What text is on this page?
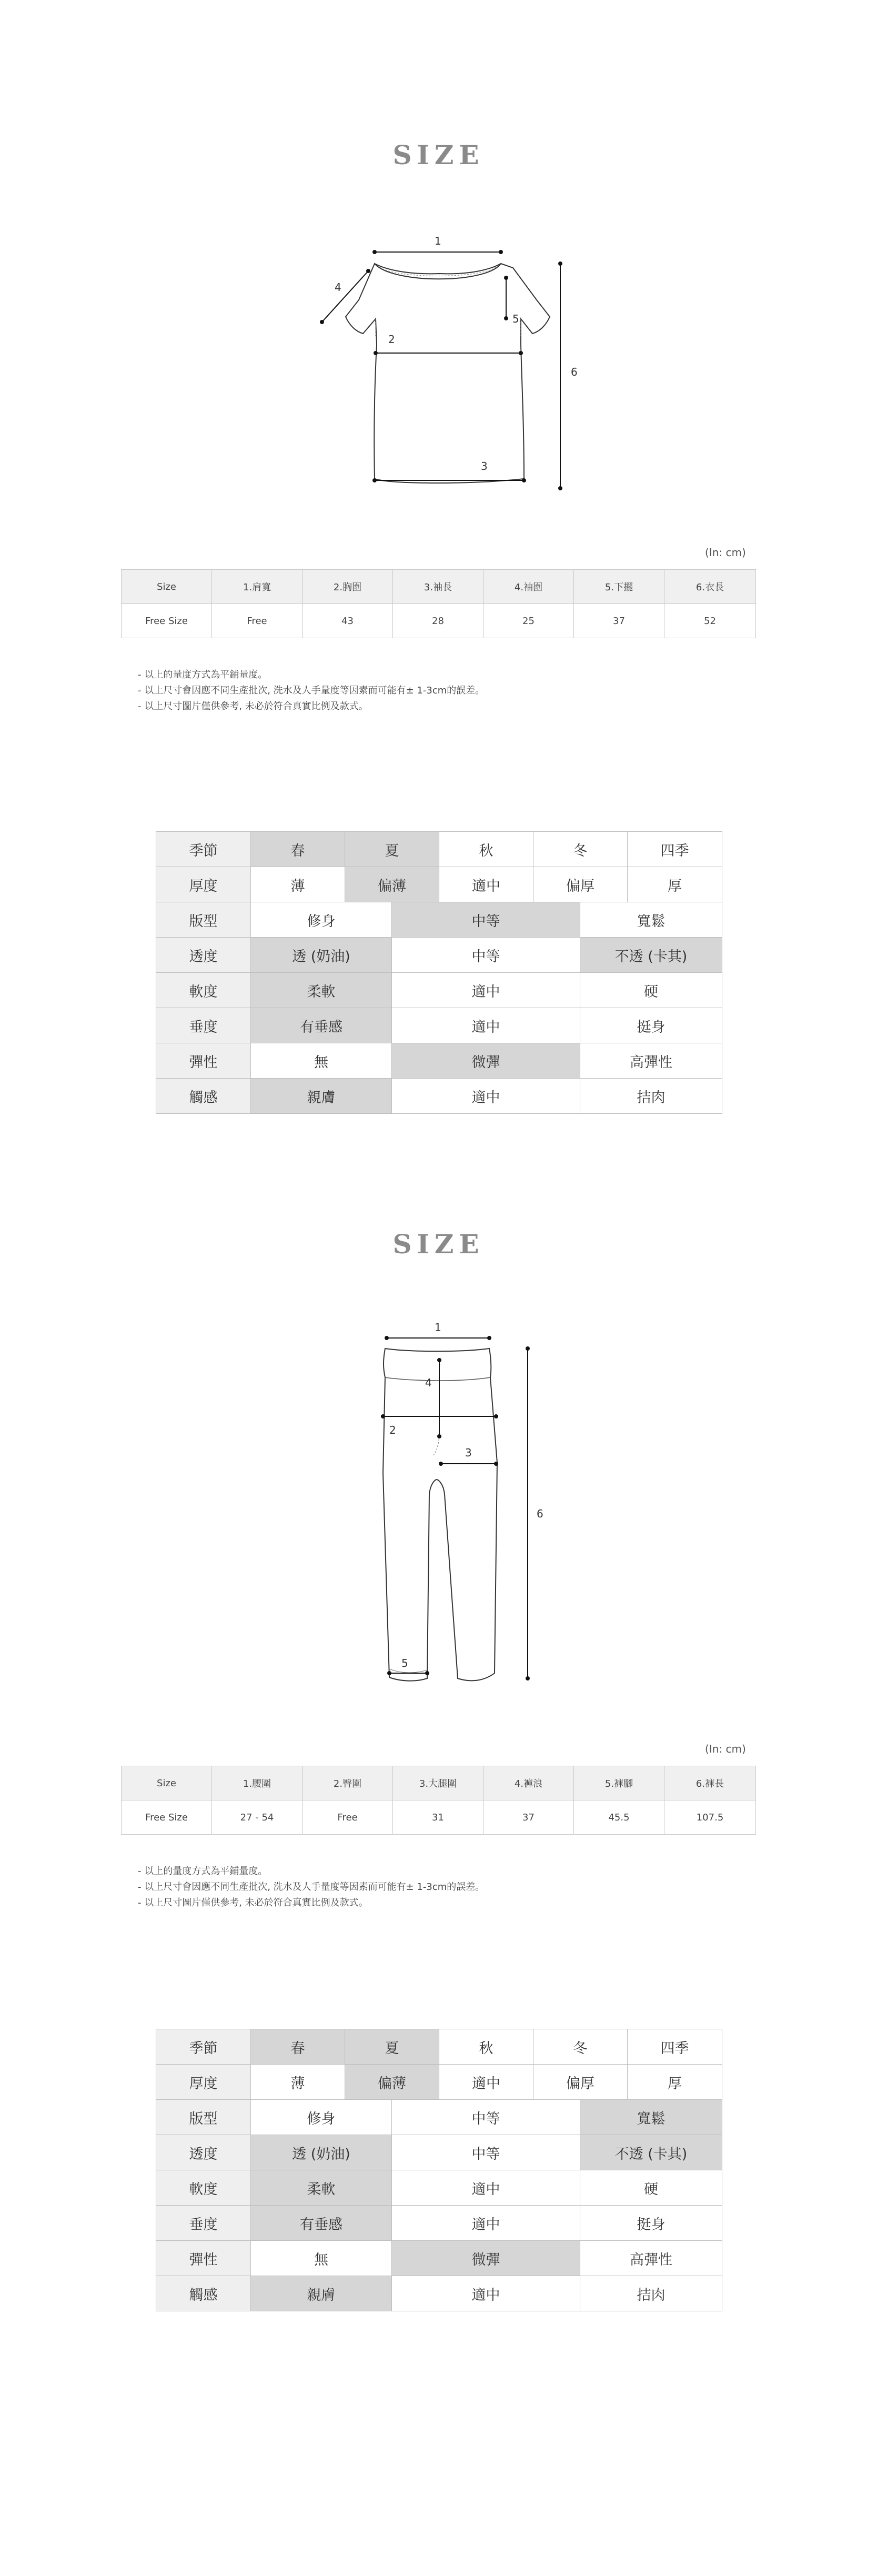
SIZE
1
4
5
2
3
6
(In: cm)
Size	1.肩寬	2.胸圍	3.袖長	4.袖圍	5.下擺	6.衣長
Free Size	Free	43	28	25	37	52
- 以上的量度方式為平鋪量度。
- 以上尺寸會因應不同生產批次, 洗水及人手量度等因素而可能有± 1-3cm的誤差。
- 以上尺寸圖片僅供參考, 未必於符合真實比例及款式。
季節	春	夏		秋	冬		四季
厚度	薄	偏薄		適中	偏厚		厚
版型	修身		中等			寬鬆	
透度	透 (奶油)		中等			不透 (卡其)	
軟度	柔軟		適中			硬	
垂度	有垂感		適中			挺身	
彈性	無		微彈			高彈性	
觸感	親膚		適中			拮肉	
SIZE
1
4
2
3
5
6
(In: cm)
Size	1.腰圍	2.臀圍	3.大腿圍	4.褲浪	5.褲腳	6.褲長
Free Size	27 - 54	Free	31	37	45.5	107.5
- 以上的量度方式為平鋪量度。
- 以上尺寸會因應不同生產批次, 洗水及人手量度等因素而可能有± 1-3cm的誤差。
- 以上尺寸圖片僅供參考, 未必於符合真實比例及款式。
季節	春	夏		秋	冬		四季
厚度	薄	偏薄		適中	偏厚		厚
版型	修身		中等			寬鬆	
透度	透 (奶油)		中等			不透 (卡其)	
軟度	柔軟		適中			硬	
垂度	有垂感		適中			挺身	
彈性	無		微彈			高彈性	
觸感	親膚		適中			拮肉	
